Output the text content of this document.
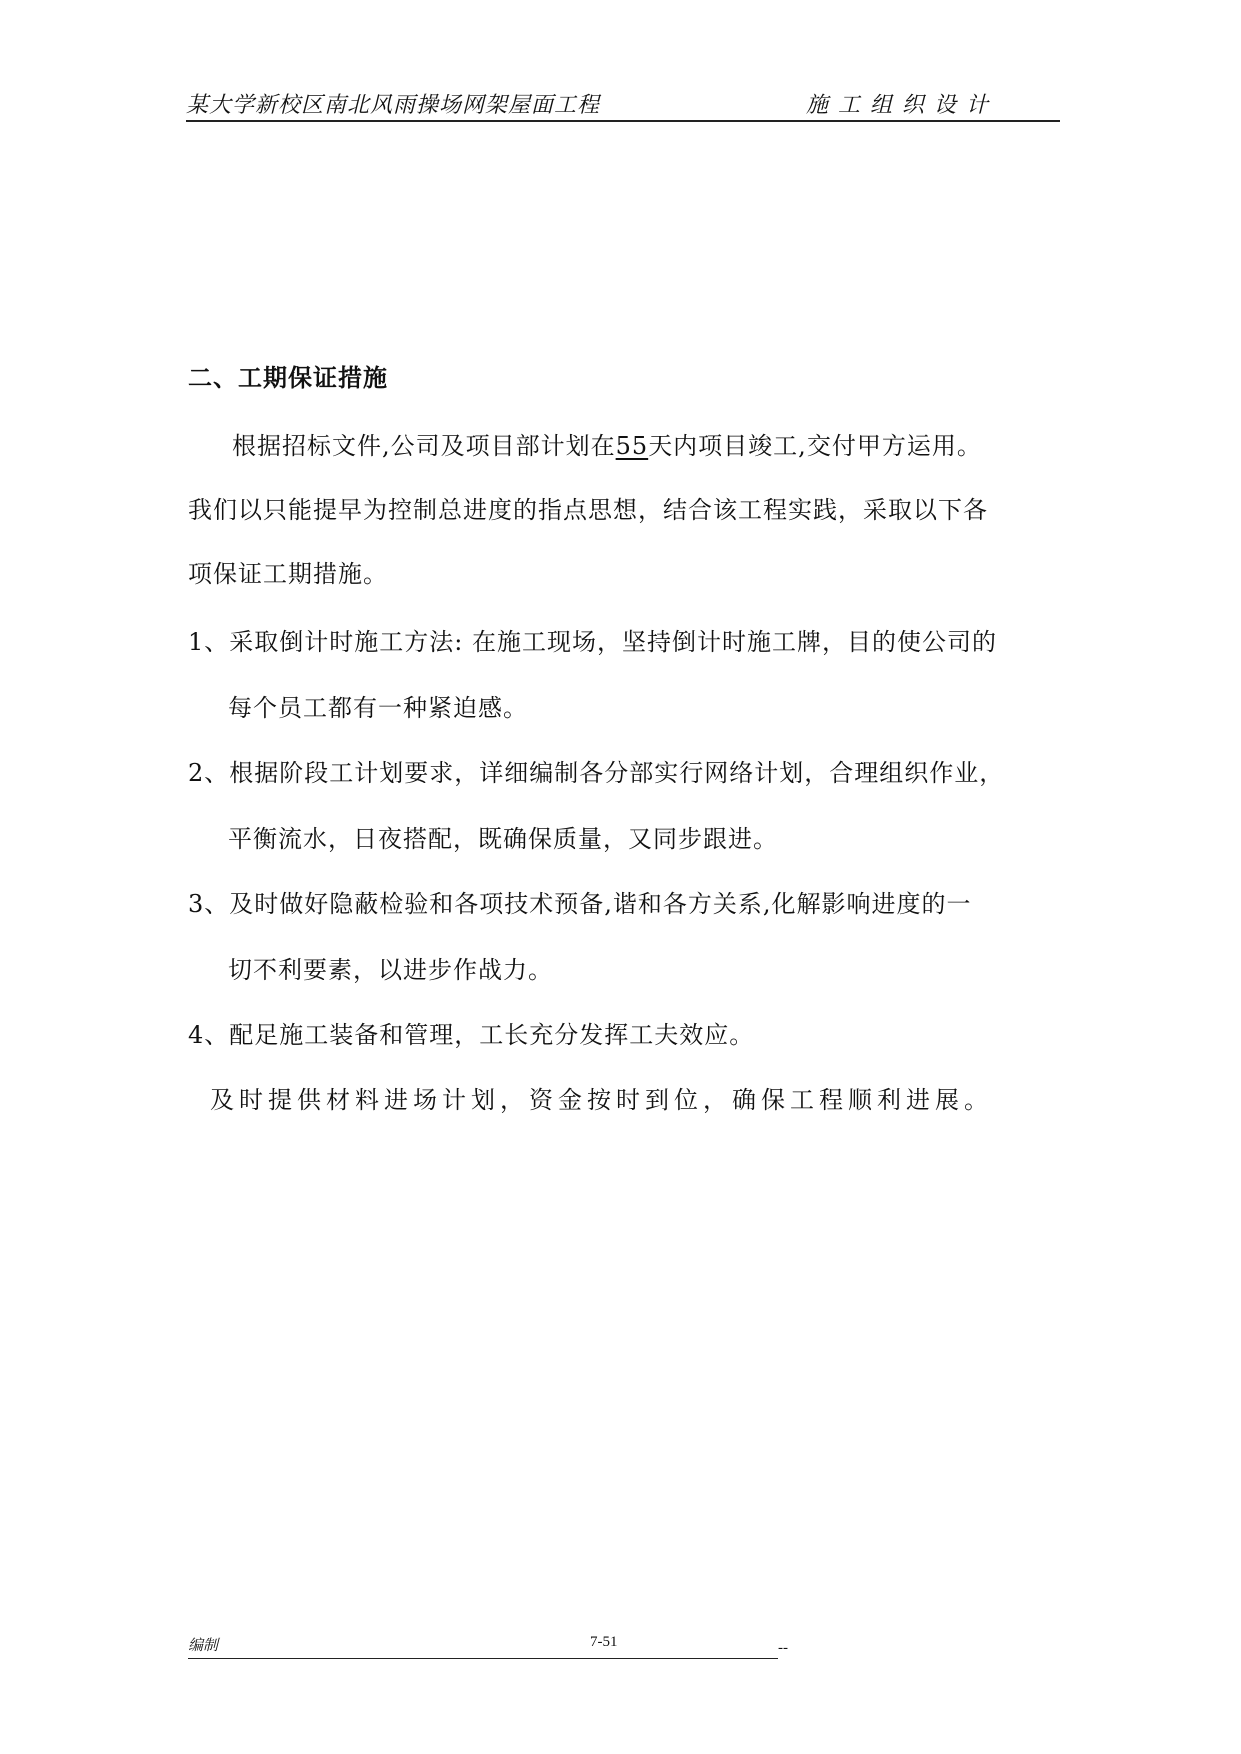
某大学新校区南北风雨操场网架屋面工程	施工组织设计
二、工期保证措施
根据招标文件,公司及项目部计划在55天内项目竣工,交付甲方运用。
我们以只能提早为控制总进度的指点思想，结合该工程实践，采取以下各
项保证工期措施。
1、采取倒计时施工方法: 在施工现场，坚持倒计时施工牌，目的使公司的
每个员工都有一种紧迫感。
2、根据阶段工计划要求，详细编制各分部实行网络计划，合理组织作业，
平衡流水，日夜搭配，既确保质量，又同步跟进。
3、及时做好隐蔽检验和各项技术预备,谐和各方关系,化解影响进度的一
切不利要素，以进步作战力。
4、配足施工装备和管理，工长充分发挥工夫效应。
及时提供材料进场计划，资金按时到位，确保工程顺利进展。
编制	7-51	--
